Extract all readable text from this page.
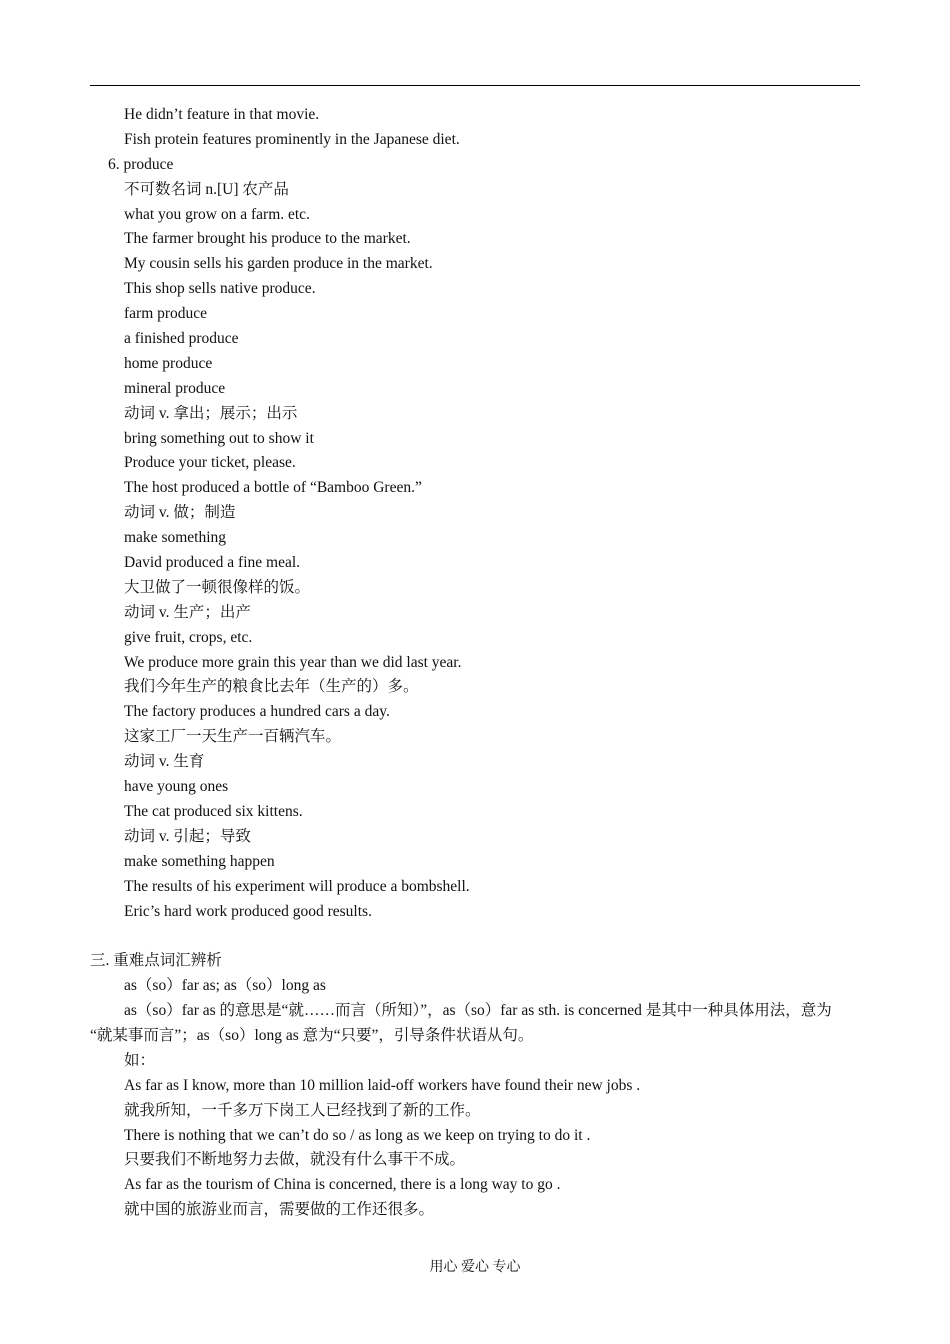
He didn’t feature in that movie.
Fish protein features prominently in the Japanese diet.
6. produce
不可数名词 n.[U] 农产品
what you grow on a farm. etc.
The farmer brought his produce to the market.
My cousin sells his garden produce in the market.
This shop sells native produce.
farm produce
a finished produce
home produce
mineral produce
动词 v. 拿出；展示；出示
bring something out to show it
Produce your ticket, please.
The host produced a bottle of “Bamboo Green.”
动词 v. 做；制造
make something
David produced a fine meal.
大卫做了一顿很像样的饭。
动词 v. 生产；出产
give fruit, crops, etc.
We produce more grain this year than we did last year.
我们今年生产的粮食比去年（生产的）多。
The factory produces a hundred cars a day.
这家工厂一天生产一百辆汽车。
动词 v. 生育
have young ones
The cat produced six kittens.
动词 v. 引起；导致
make something happen
The results of his experiment will produce a bombshell.
Eric’s hard work produced good results.
三. 重难点词汇辨析
as（so）far as; as（so）long as
as（so）far as 的意思是“就……而言（所知）”，as（so）far as sth. is concerned 是其中一种具体用法，意为
“就某事而言”；as（so）long as 意为“只要”，引导条件状语从句。
如：
As far as I know, more than 10 million laid-off workers have found their new jobs .
就我所知，一千多万下岗工人已经找到了新的工作。
There is nothing that we can’t do so / as long as we keep on trying to do it .
只要我们不断地努力去做，就没有什么事干不成。
As far as the tourism of China is concerned, there is a long way to go .
就中国的旅游业而言，需要做的工作还很多。
用心 爱心 专心
